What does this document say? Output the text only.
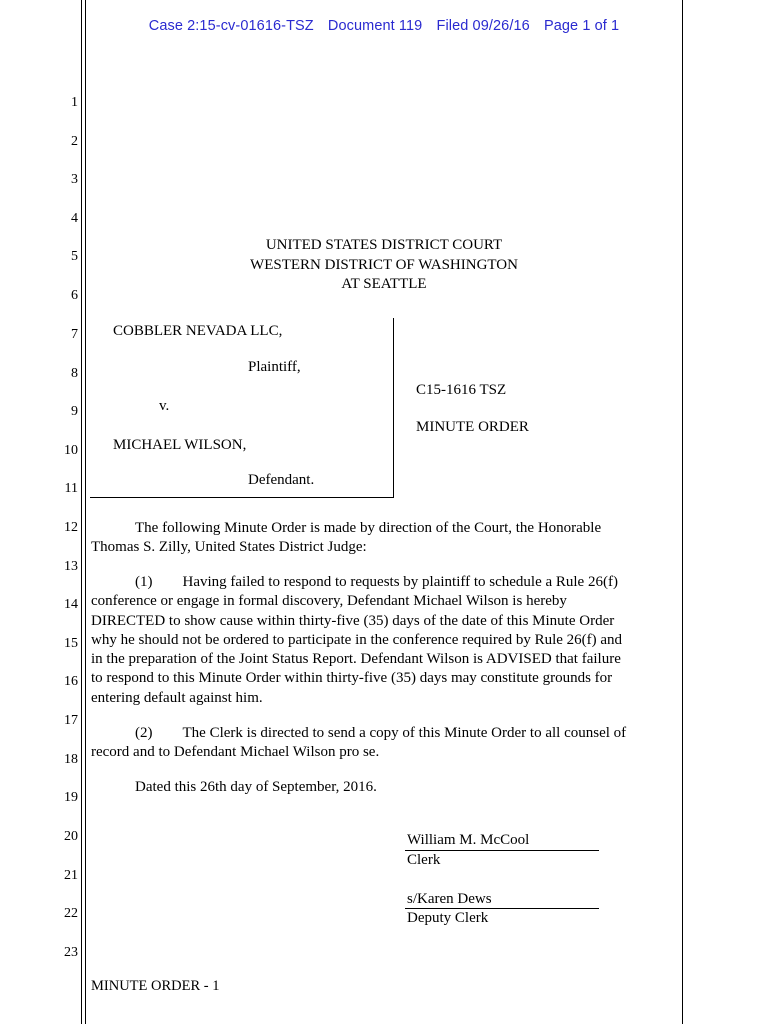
Case 2:15-cv-01616-TSZ Document 119 Filed 09/26/16 Page 1 of 1
1
2
3
4
5
6
7
8
9
10
11
12
13
14
15
16
17
18
19
20
21
22
23
UNITED STATES DISTRICT COURT
WESTERN DISTRICT OF WASHINGTON
AT SEATTLE
COBBLER NEVADA LLC,
Plaintiff,
v.
MICHAEL WILSON,
Defendant.
C15-1616 TSZ
MINUTE ORDER
The following Minute Order is made by direction of the Court, the Honorable
Thomas S. Zilly, United States District Judge:
(1) Having failed to respond to requests by plaintiff to schedule a Rule 26(f)
conference or engage in formal discovery, Defendant Michael Wilson is hereby
DIRECTED to show cause within thirty-five (35) days of the date of this Minute Order
why he should not be ordered to participate in the conference required by Rule 26(f) and
in the preparation of the Joint Status Report. Defendant Wilson is ADVISED that failure
to respond to this Minute Order within thirty-five (35) days may constitute grounds for
entering default against him.
(2) The Clerk is directed to send a copy of this Minute Order to all counsel of
record and to Defendant Michael Wilson pro se.
Dated this 26th day of September, 2016.
William M. McCool
Clerk
s/Karen Dews
Deputy Clerk
MINUTE ORDER - 1
